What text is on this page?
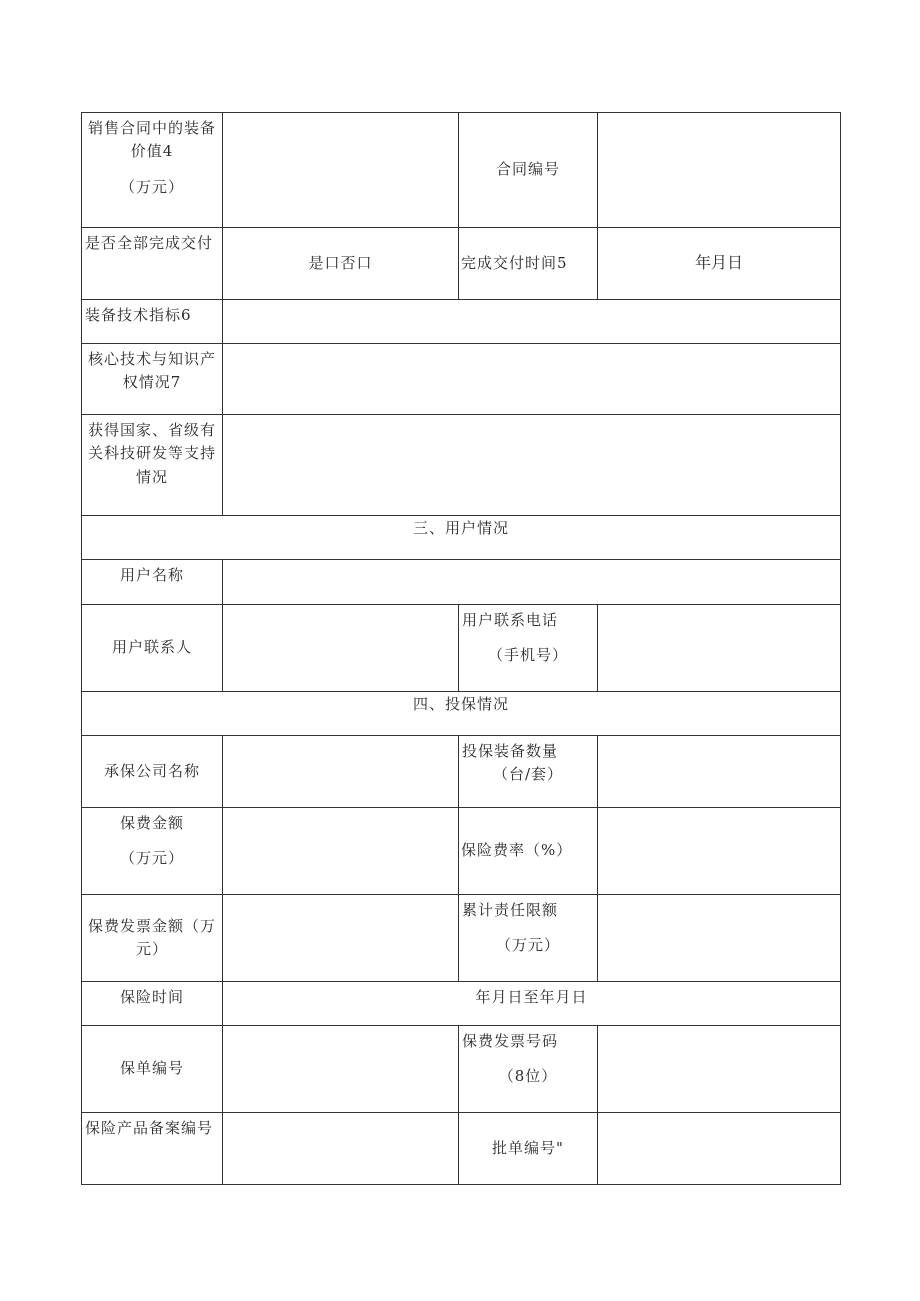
销售合同中的装备
价值4
（万元）		合同编号	
是否全部完成交付	是口否口	完成交付时间5	年月日
装备技术指标6			

核心技术与知识产
权情况7			

获得国家、省级有
关科技研发等支持
情况			

三、用户情况			
用户名称			
用户联系人		用户联系电话
（手机号）	

四、投保情况			
承保公司名称		投保装备数量
（台/套）	

保费金额
（万元）		保险费率（%）	

保费发票金额（万
元）		累计责任限额
（万元）	

保险时间	年月日至年月日		
保单编号		保费发票号码
（8位）	

保险产品备案编号		批单编号"	
